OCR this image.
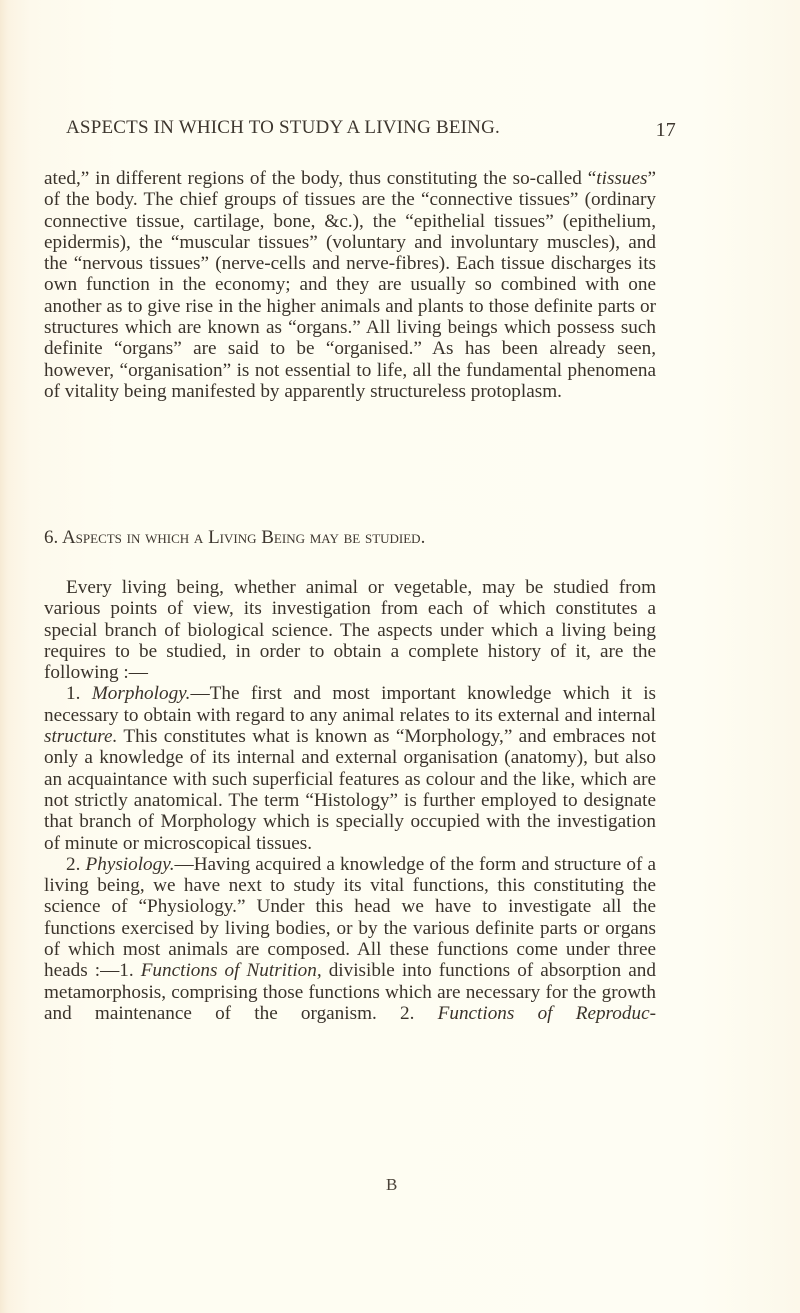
ASPECTS IN WHICH TO STUDY A LIVING BEING.	17

ated,” in different regions of the body, thus constituting the so-called “tissues” of the body. The chief groups of tissues are the “connective tissues” (ordinary connective tissue, cartilage, bone, &c.), the “epithelial tissues” (epithelium, epidermis), the “muscular tissues” (voluntary and involuntary muscles), and the “nervous tissues” (nerve-cells and nerve-fibres). Each tissue discharges its own function in the economy; and they are usually so combined with one another as to give rise in the higher animals and plants to those definite parts or structures which are known as “organs.” All living beings which possess such definite “organs” are said to be “organised.” As has been already seen, however, “organisation” is not essential to life, all the fundamental phenomena of vitality being manifested by apparently structureless protoplasm.

6. Aspects in which a Living Being may be studied.

Every living being, whether animal or vegetable, may be studied from various points of view, its investigation from each of which constitutes a special branch of biological science. The aspects under which a living being requires to be studied, in order to obtain a complete history of it, are the following :—

1. Morphology.—The first and most important knowledge which it is necessary to obtain with regard to any animal relates to its external and internal structure. This constitutes what is known as “Morphology,” and embraces not only a knowledge of its internal and external organisation (anatomy), but also an acquaintance with such superficial features as colour and the like, which are not strictly anatomical. The term “Histology” is further employed to designate that branch of Morphology which is specially occupied with the investigation of minute or microscopical tissues.

2. Physiology.—Having acquired a knowledge of the form and structure of a living being, we have next to study its vital functions, this constituting the science of “Physiology.” Under this head we have to investigate all the functions exercised by living bodies, or by the various definite parts or organs of which most animals are composed. All these functions come under three heads :—1. Functions of Nutrition, divisible into functions of absorption and metamorphosis, comprising those functions which are necessary for the growth and maintenance of the organism. 2. Functions of Reproduc-

B
